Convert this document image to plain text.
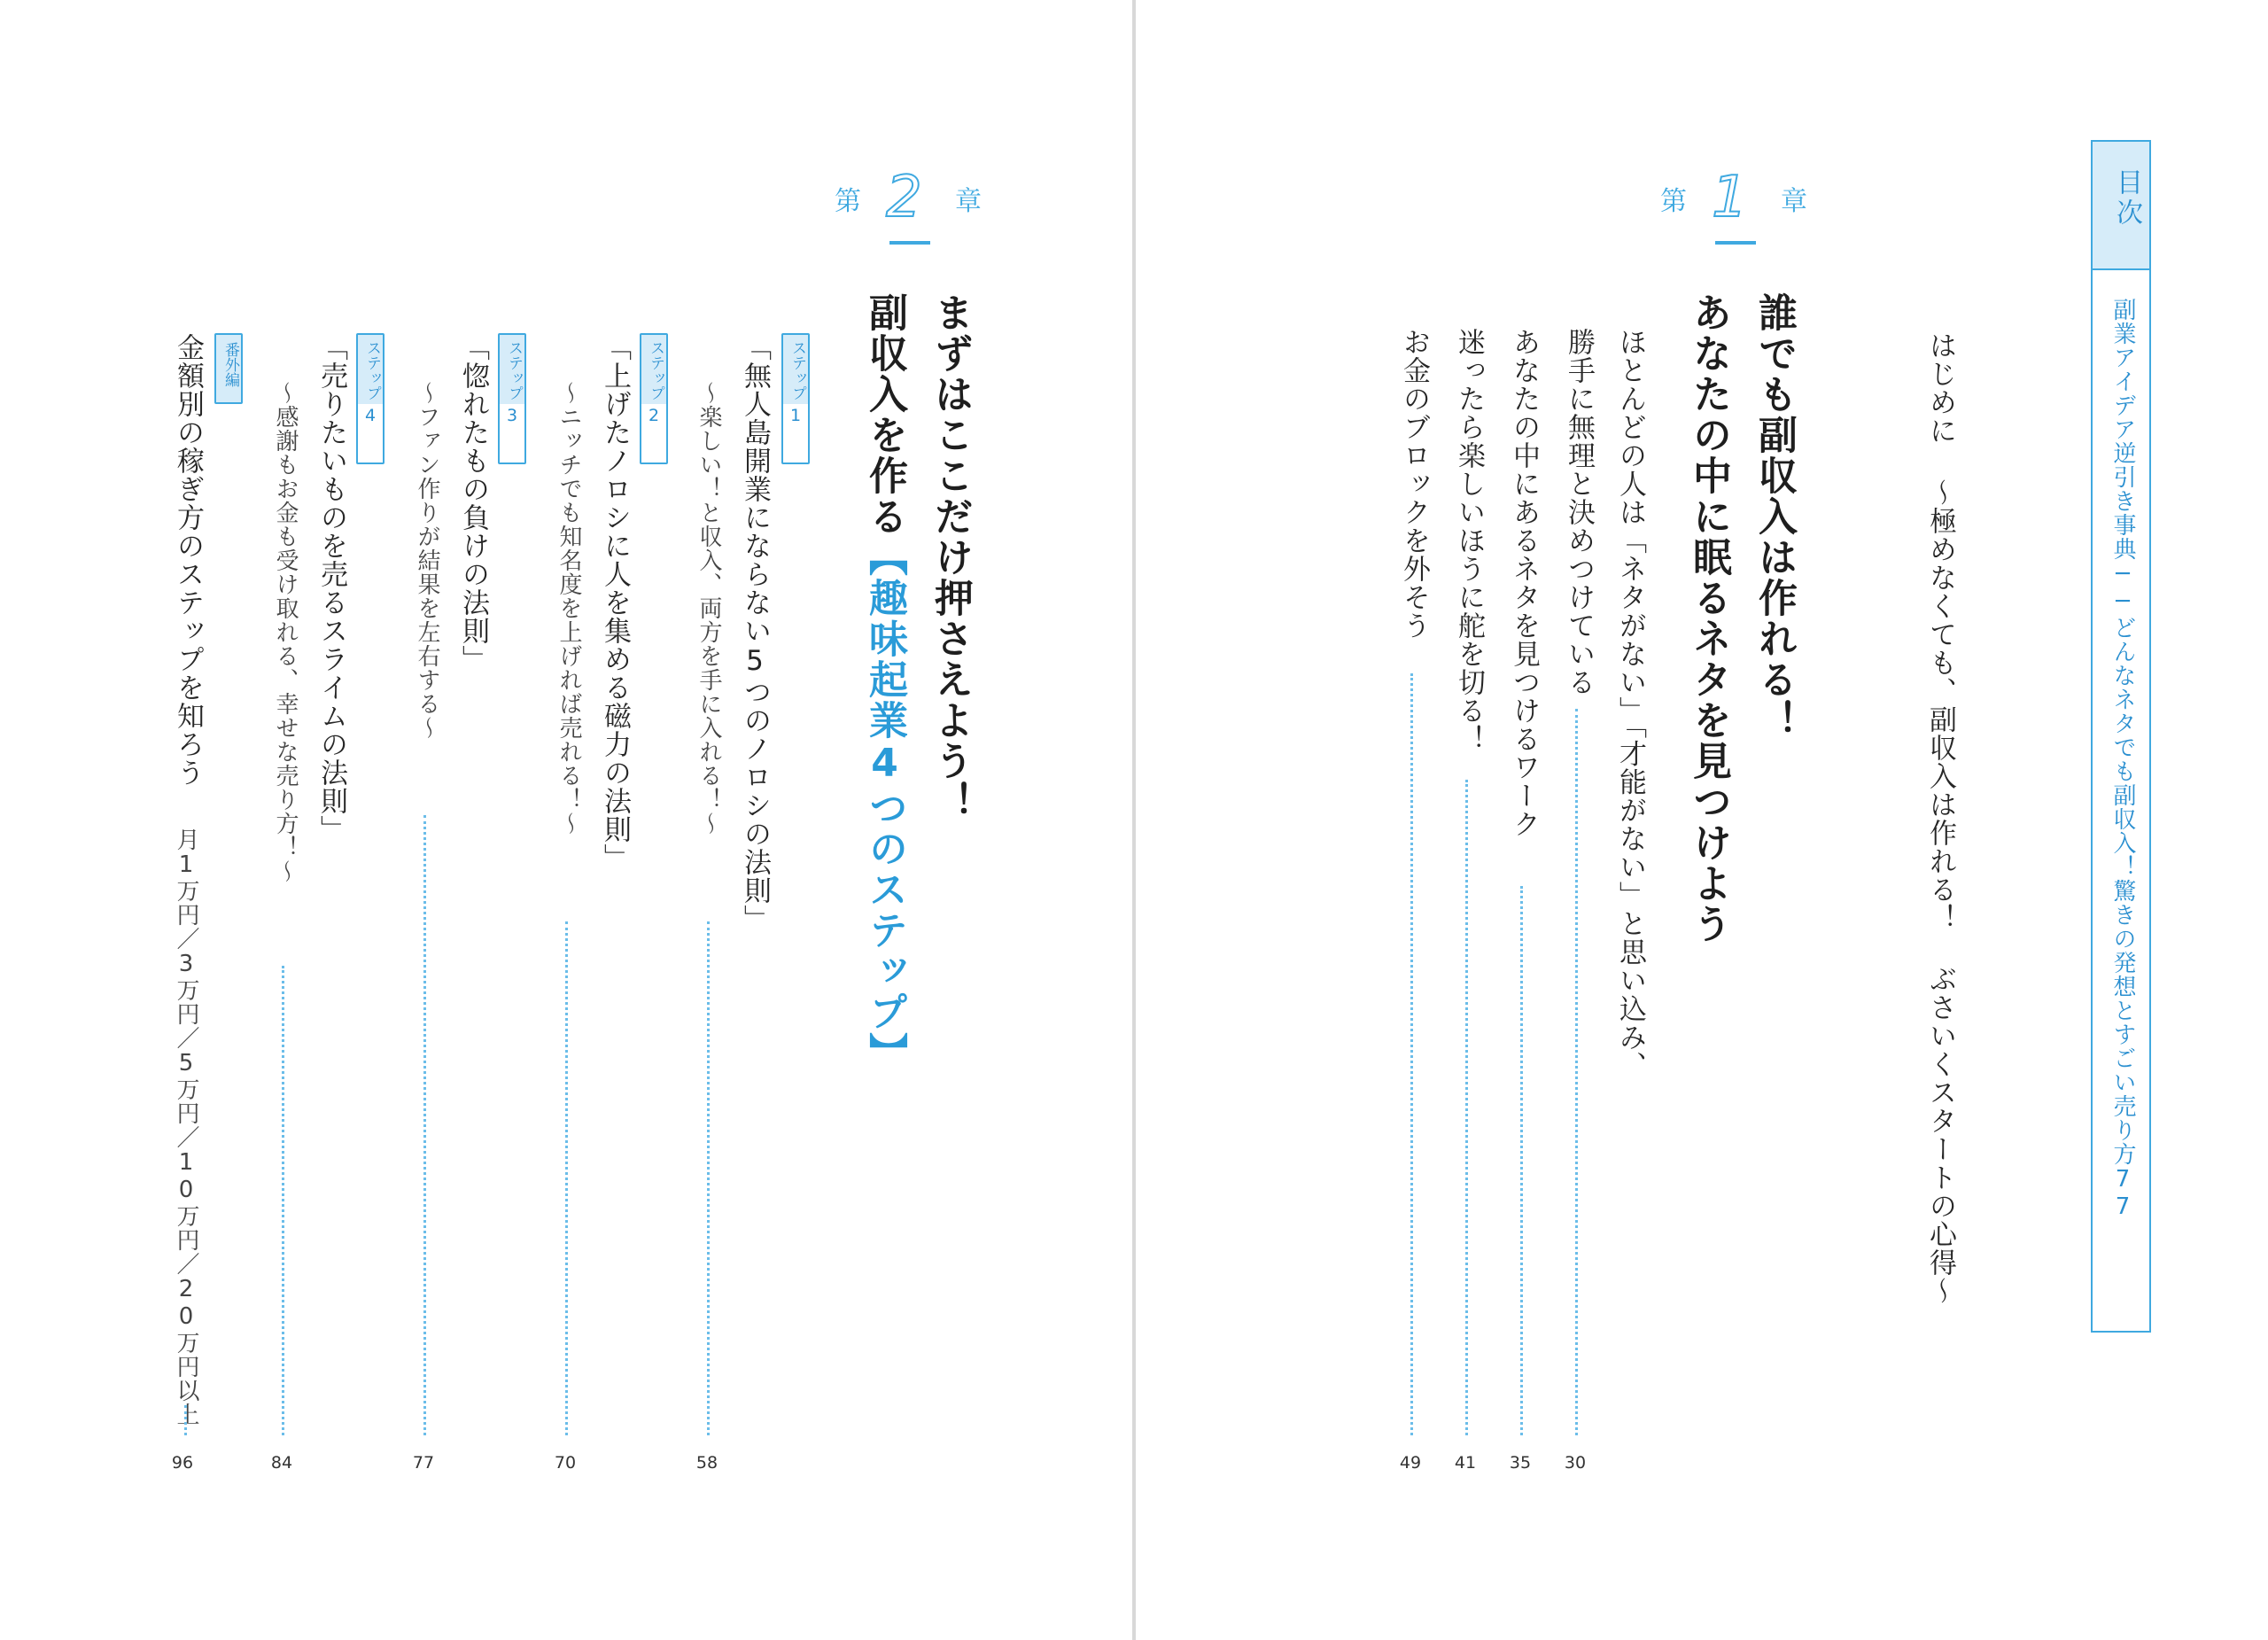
目次
副業アイデア逆引き事典──どんなネタでも副収入！驚きの発想とすごい売り方77
はじめに
〜極めなくても、副収入は作れる！ ぶさいくスタートの心得〜
第 1 章
誰でも副収入は作れる！
あなたの中に眠るネタを見つけよう
ほとんどの人は「ネタがない」「才能がない」と思い込み、
勝手に無理と決めつけている
30
あなたの中にあるネタを見つけるワーク
35
迷ったら楽しいほうに舵を切る！
41
お金のブロックを外そう
49
第 2 章
まずはここだけ押さえよう！
副収入を作る【趣味起業4つのステップ】
ステップ
1
「無人島開業にならない5つのノロシの法則」
〜楽しい！と収入、両方を手に入れる！〜
58
ステップ
2
「上げたノロシに人を集める磁力の法則」
〜ニッチでも知名度を上げれば売れる！〜
70
ステップ
3
「惚れたもの負けの法則」
〜ファン作りが結果を左右する〜
77
ステップ
4
「売りたいものを売るスライムの法則」
〜感謝もお金も受け取れる、幸せな売り方！〜
84
番外編
金額別の稼ぎ方のステップを知ろう
月1万円／3万円／5万円／10万円／20万円以上
96
